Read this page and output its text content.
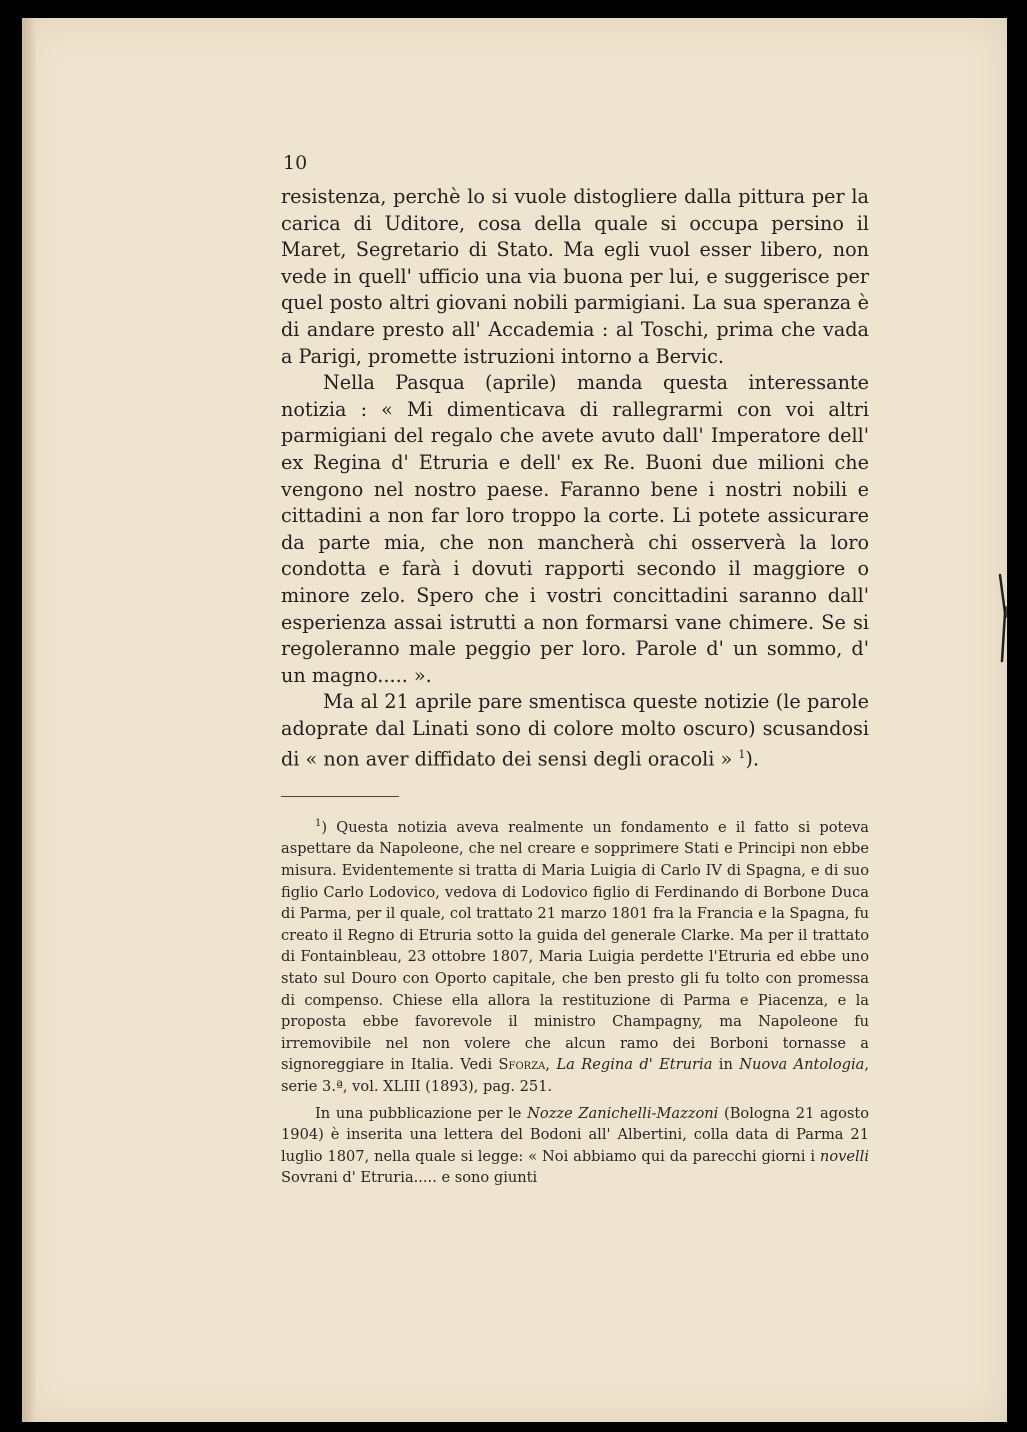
10

resistenza, perchè lo si vuole distogliere dalla pittura per la carica di Uditore, cosa della quale si occupa persino il Maret, Segretario di Stato. Ma egli vuol esser libero, non vede in quell' ufficio una via buona per lui, e suggerisce per quel posto altri giovani nobili parmigiani. La sua speranza è di andare presto all' Accademia : al Toschi, prima che vada a Parigi, promette istruzioni intorno a Bervic.

Nella Pasqua (aprile) manda questa interessante notizia : « Mi dimenticava di rallegrarmi con voi altri parmigiani del regalo che avete avuto dall' Imperatore dell' ex Regina d' Etruria e dell' ex Re. Buoni due milioni che vengono nel nostro paese. Faranno bene i nostri nobili e cittadini a non far loro troppo la corte. Li potete assicurare da parte mia, che non mancherà chi osserverà la loro condotta e farà i dovuti rapporti secondo il maggiore o minore zelo. Spero che i vostri concittadini saranno dall' esperienza assai istrutti a non formarsi vane chimere. Se si regoleranno male peggio per loro. Parole d' un sommo, d' un magno..... ».

Ma al 21 aprile pare smentisca queste notizie (le parole adoprate dal Linati sono di colore molto oscuro) scusandosi di « non aver diffidato dei sensi degli oracoli » $^1$).

$^1$) Questa notizia aveva realmente un fondamento e il fatto si poteva aspettare da Napoleone, che nel creare e sopprimere Stati e Principi non ebbe misura. Evidentemente si tratta di Maria Luigia di Carlo IV di Spagna, e di suo figlio Carlo Lodovico, vedova di Lodovico figlio di Ferdinando di Borbone Duca di Parma, per il quale, col trattato 21 marzo 1801 fra la Francia e la Spagna, fu creato il Regno di Etruria sotto la guida del generale Clarke. Ma per il trattato di Fontainbleau, 23 ottobre 1807, Maria Luigia perdette l'Etruria ed ebbe uno stato sul Douro con Oporto capitale, che ben presto gli fu tolto con promessa di compenso. Chiese ella allora la restituzione di Parma e Piacenza, e la proposta ebbe favorevole il ministro Champagny, ma Napoleone fu irremovibile nel non volere che alcun ramo dei Borboni tornasse a signoreggiare in Italia. Vedi Sforza, La Regina d' Etruria in Nuova Antologia, serie 3.ª, vol. XLIII (1893), pag. 251.

In una pubblicazione per le Nozze Zanichelli-Mazzoni (Bologna 21 agosto 1904) è inserita una lettera del Bodoni all' Albertini, colla data di Parma 21 luglio 1807, nella quale si legge: « Noi abbiamo qui da parecchi giorni i novelli Sovrani d' Etruria..... e sono giunti
